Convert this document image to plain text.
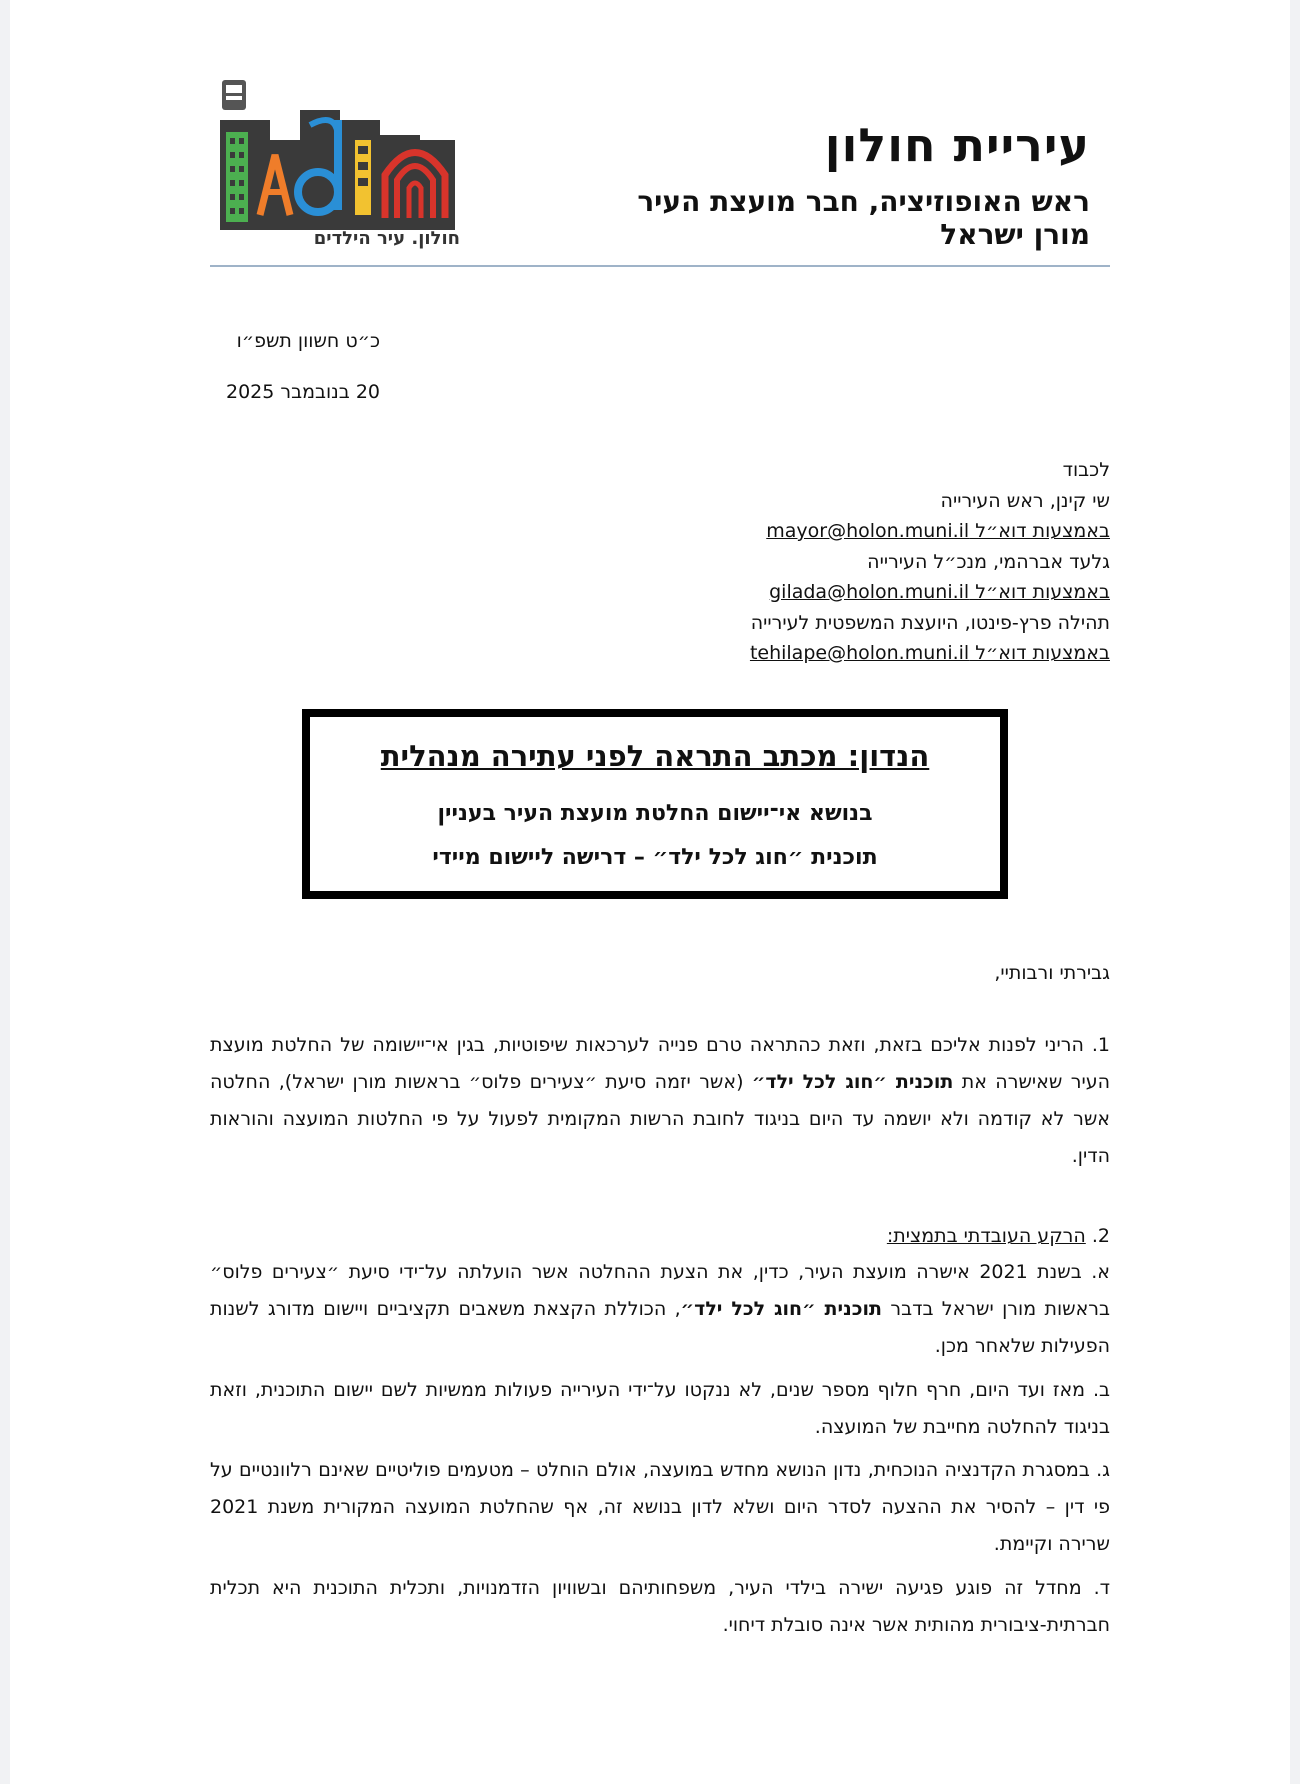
חולון. עיר הילדים
עיריית חולון
ראש האופוזיציה, חבר מועצת העיר
מורן ישראל
כ״ט חשוון תשפ״ו
20 בנובמבר 2025
לכבוד
שי קינן, ראש העירייה
באמצעות דוא״ל mayor@holon.muni.il
גלעד אברהמי, מנכ״ל העירייה
באמצעות דוא״ל gilada@holon.muni.il
תהילה פרץ-פינטו, היועצת המשפטית לעירייה
באמצעות דוא״ל tehilape@holon.muni.il
הנדון: מכתב התראה לפני עתירה מנהלית
בנושא אי־יישום החלטת מועצת העיר בעניין
תוכנית ״חוג לכל ילד״ – דרישה ליישום מיידי
גבירתי ורבותיי,
1. הריני לפנות אליכם בזאת, וזאת כהתראה טרם פנייה לערכאות שיפוטיות, בגין אי־יישומה של החלטת מועצת העיר שאישרה את תוכנית ״חוג לכל ילד״ (אשר יזמה סיעת ״צעירים פלוס״ בראשות מורן ישראל), החלטה אשר לא קודמה ולא יושמה עד היום בניגוד לחובת הרשות המקומית לפעול על פי החלטות המועצה והוראות הדין.
2. הרקע העובדתי בתמצית:
א. בשנת 2021 אישרה מועצת העיר, כדין, את הצעת ההחלטה אשר הועלתה על־ידי סיעת ״צעירים פלוס״ בראשות מורן ישראל בדבר תוכנית ״חוג לכל ילד״, הכוללת הקצאת משאבים תקציביים ויישום מדורג לשנות הפעילות שלאחר מכן.
ב. מאז ועד היום, חרף חלוף מספר שנים, לא ננקטו על־ידי העירייה פעולות ממשיות לשם יישום התוכנית, וזאת בניגוד להחלטה מחייבת של המועצה.
ג. במסגרת הקדנציה הנוכחית, נדון הנושא מחדש במועצה, אולם הוחלט – מטעמים פוליטיים שאינם רלוונטיים על פי דין – להסיר את ההצעה לסדר היום ושלא לדון בנושא זה, אף שהחלטת המועצה המקורית משנת 2021 שרירה וקיימת.
ד. מחדל זה פוגע פגיעה ישירה בילדי העיר, משפחותיהם ובשוויון הזדמנויות, ותכלית התוכנית היא תכלית חברתית-ציבורית מהותית אשר אינה סובלת דיחוי.
